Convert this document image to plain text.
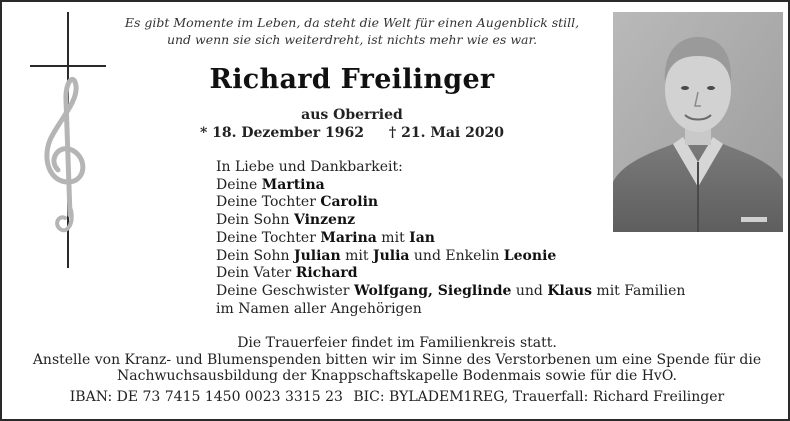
Es gibt Momente im Leben, da steht die Welt für einen Augenblick still,
und wenn sie sich weiterdreht, ist nichts mehr wie es war.
Richard Freilinger
aus Oberried
* 18. Dezember 1962 † 21. Mai 2020
In Liebe und Dankbarkeit:
Deine Martina
Deine Tochter Carolin
Dein Sohn Vinzenz
Deine Tochter Marina mit Ian
Dein Sohn Julian mit Julia und Enkelin Leonie
Dein Vater Richard
Deine Geschwister Wolfgang, Sieglinde und Klaus mit Familien
im Namen aller Angehörigen
Die Trauerfeier findet im Familienkreis statt.
Anstelle von Kranz- und Blumenspenden bitten wir im Sinne des Verstorbenen um eine Spende für die
Nachwuchsausbildung der Knappschaftskapelle Bodenmais sowie für die HvO.
IBAN: DE 73 7415 1450 0023 3315 23 BIC: BYLADEM1REG, Trauerfall: Richard Freilinger
